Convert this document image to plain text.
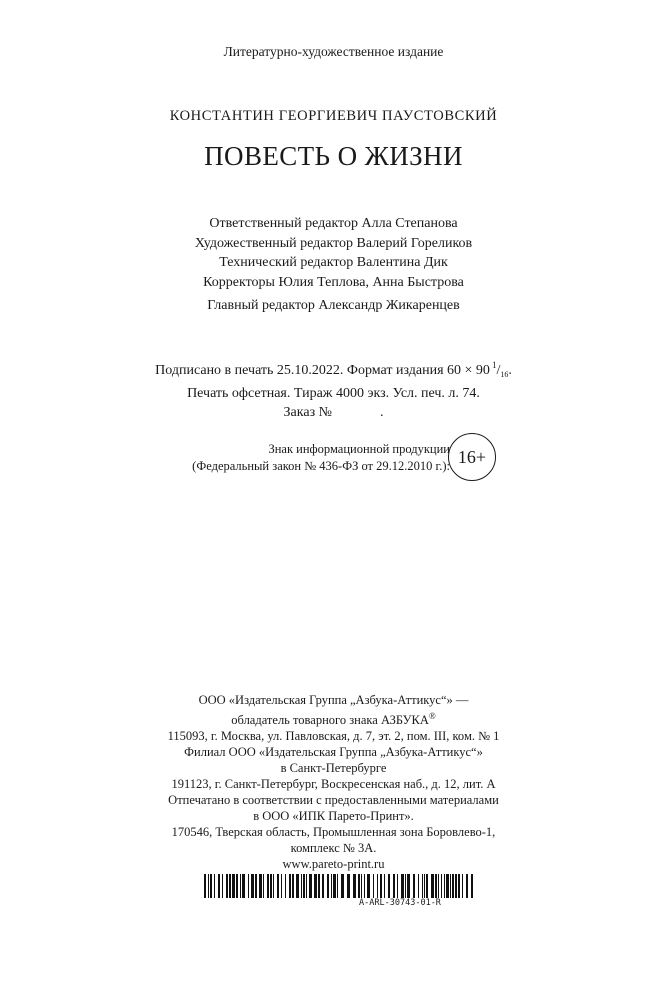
Литературно-художественное издание
КОНСТАНТИН ГЕОРГИЕВИЧ ПАУСТОВСКИЙ
ПОВЕСТЬ О ЖИЗНИ
Ответственный редактор Алла Степанова
Художественный редактор Валерий Гореликов
Технический редактор Валентина Дик
Корректоры Юлия Теплова, Анна Быстрова
Главный редактор Александр Жикаренцев
Подписано в печать 25.10.2022. Формат издания 60 × 90 $^1/_{16}$.
Печать офсетная. Тираж 4000 экз. Усл. печ. л. 74.
Заказ №	.
Знак информационной продукции
(Федеральный закон № 436-ФЗ от 29.12.2010 г.): 16+
ООО «Издательская Группа „Азбука-Аттикус“» —
обладатель товарного знака АЗБУКА®
115093, г. Москва, ул. Павловская, д. 7, эт. 2, пом. III, ком. № 1
Филиал ООО «Издательская Группа „Азбука-Аттикус“»
в Санкт-Петербурге
191123, г. Санкт-Петербург, Воскресенская наб., д. 12, лит. А
Отпечатано в соответствии с предоставленными материалами
в ООО «ИПК Парето-Принт».
170546, Тверская область, Промышленная зона Боровлево-1,
комплекс № 3А.
www.pareto-print.ru
A-ARL-30743-01-R
